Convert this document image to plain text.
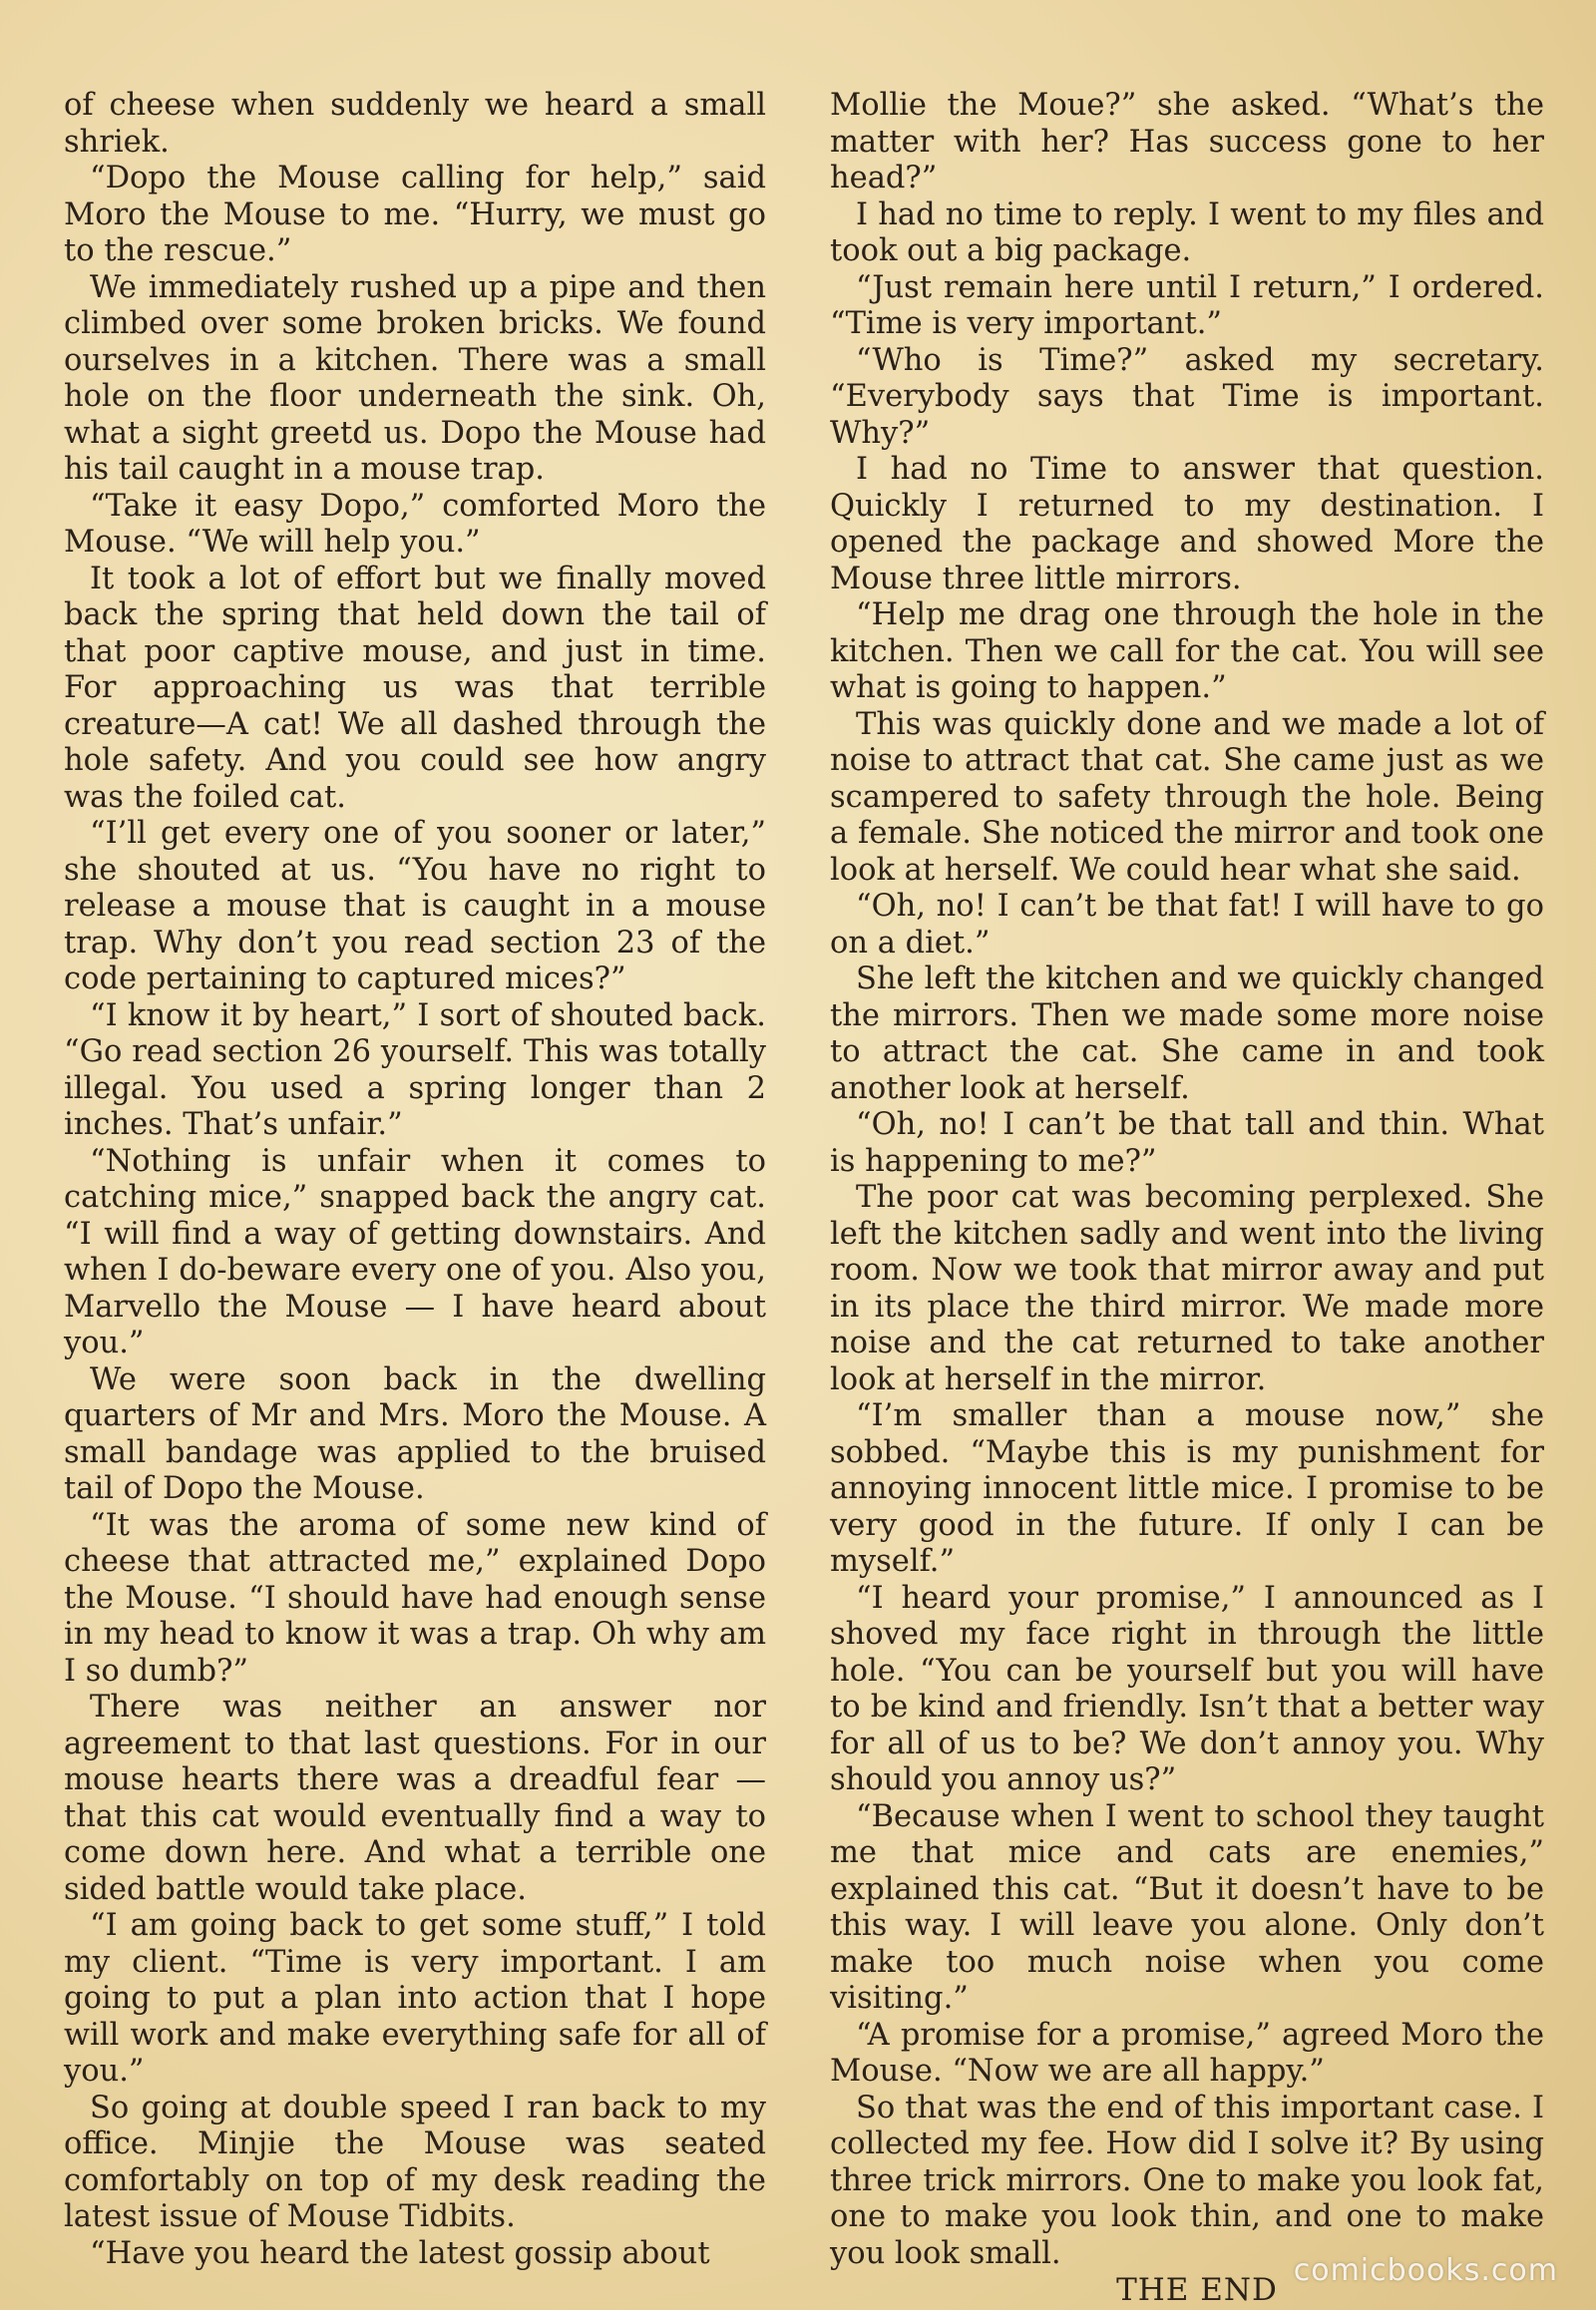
of cheese when suddenly we heard a small shriek.

“Dopo the Mouse calling for help,” said Moro the Mouse to me. “Hurry, we must go to the rescue.”

We immediately rushed up a pipe and then climbed over some broken bricks. We found ourselves in a kitchen. There was a small hole on the floor underneath the sink. Oh, what a sight greetd us. Dopo the Mouse had his tail caught in a mouse trap.

“Take it easy Dopo,” comforted Moro the Mouse. “We will help you.”

It took a lot of effort but we finally moved back the spring that held down the tail of that poor captive mouse, and just in time. For approaching us was that terrible creature—A cat! We all dashed through the hole safety. And you could see how angry was the foiled cat.

“I’ll get every one of you sooner or later,” she shouted at us. “You have no right to release a mouse that is caught in a mouse trap. Why don’t you read section 23 of the code pertaining to captured mices?”

“I know it by heart,” I sort of shouted back. “Go read section 26 yourself. This was totally illegal. You used a spring longer than 2 inches. That’s unfair.”

“Nothing is unfair when it comes to catching mice,” snapped back the angry cat. “I will find a way of getting downstairs. And when I do-beware every one of you. Also you, Marvello the Mouse — I have heard about you.”

We were soon back in the dwelling quarters of Mr and Mrs. Moro the Mouse. A small bandage was applied to the bruised tail of Dopo the Mouse.

“It was the aroma of some new kind of cheese that attracted me,” explained Dopo the Mouse. “I should have had enough sense in my head to know it was a trap. Oh why am I so dumb?”

There was neither an answer nor agreement to that last questions. For in our mouse hearts there was a dreadful fear — that this cat would eventually find a way to come down here. And what a terrible one sided battle would take place.

“I am going back to get some stuff,” I told my client. “Time is very important. I am going to put a plan into action that I hope will work and make everything safe for all of you.”

So going at double speed I ran back to my office. Minjie the Mouse was seated comfortably on top of my desk reading the latest issue of Mouse Tidbits.

“Have you heard the latest gossip about

Mollie the Moue?” she asked. “What’s the matter with her? Has success gone to her head?”

I had no time to reply. I went to my files and took out a big package.

“Just remain here until I return,” I ordered. “Time is very important.”

“Who is Time?” asked my secretary. “Everybody says that Time is important. Why?”

I had no Time to answer that question. Quickly I returned to my destination. I opened the package and showed More the Mouse three little mirrors.

“Help me drag one through the hole in the kitchen. Then we call for the cat. You will see what is going to happen.”

This was quickly done and we made a lot of noise to attract that cat. She came just as we scampered to safety through the hole. Being a female. She noticed the mirror and took one look at herself. We could hear what she said.

“Oh, no! I can’t be that fat! I will have to go on a diet.”

She left the kitchen and we quickly changed the mirrors. Then we made some more noise to attract the cat. She came in and took another look at herself.

“Oh, no! I can’t be that tall and thin. What is happening to me?”

The poor cat was becoming perplexed. She left the kitchen sadly and went into the living room. Now we took that mirror away and put in its place the third mirror. We made more noise and the cat returned to take another look at herself in the mirror.

“I’m smaller than a mouse now,” she sobbed. “Maybe this is my punishment for annoying innocent little mice. I promise to be very good in the future. If only I can be myself.”

“I heard your promise,” I announced as I shoved my face right in through the little hole. “You can be yourself but you will have to be kind and friendly. Isn’t that a better way for all of us to be? We don’t annoy you. Why should you annoy us?”

“Because when I went to school they taught me that mice and cats are enemies,” explained this cat. “But it doesn’t have to be this way. I will leave you alone. Only don’t make too much noise when you come visiting.”

“A promise for a promise,” agreed Moro the Mouse. “Now we are all happy.”

So that was the end of this important case. I collected my fee. How did I solve it? By using three trick mirrors. One to make you look fat, one to make you look thin, and one to make you look small.

THE END

comicbooks.com
